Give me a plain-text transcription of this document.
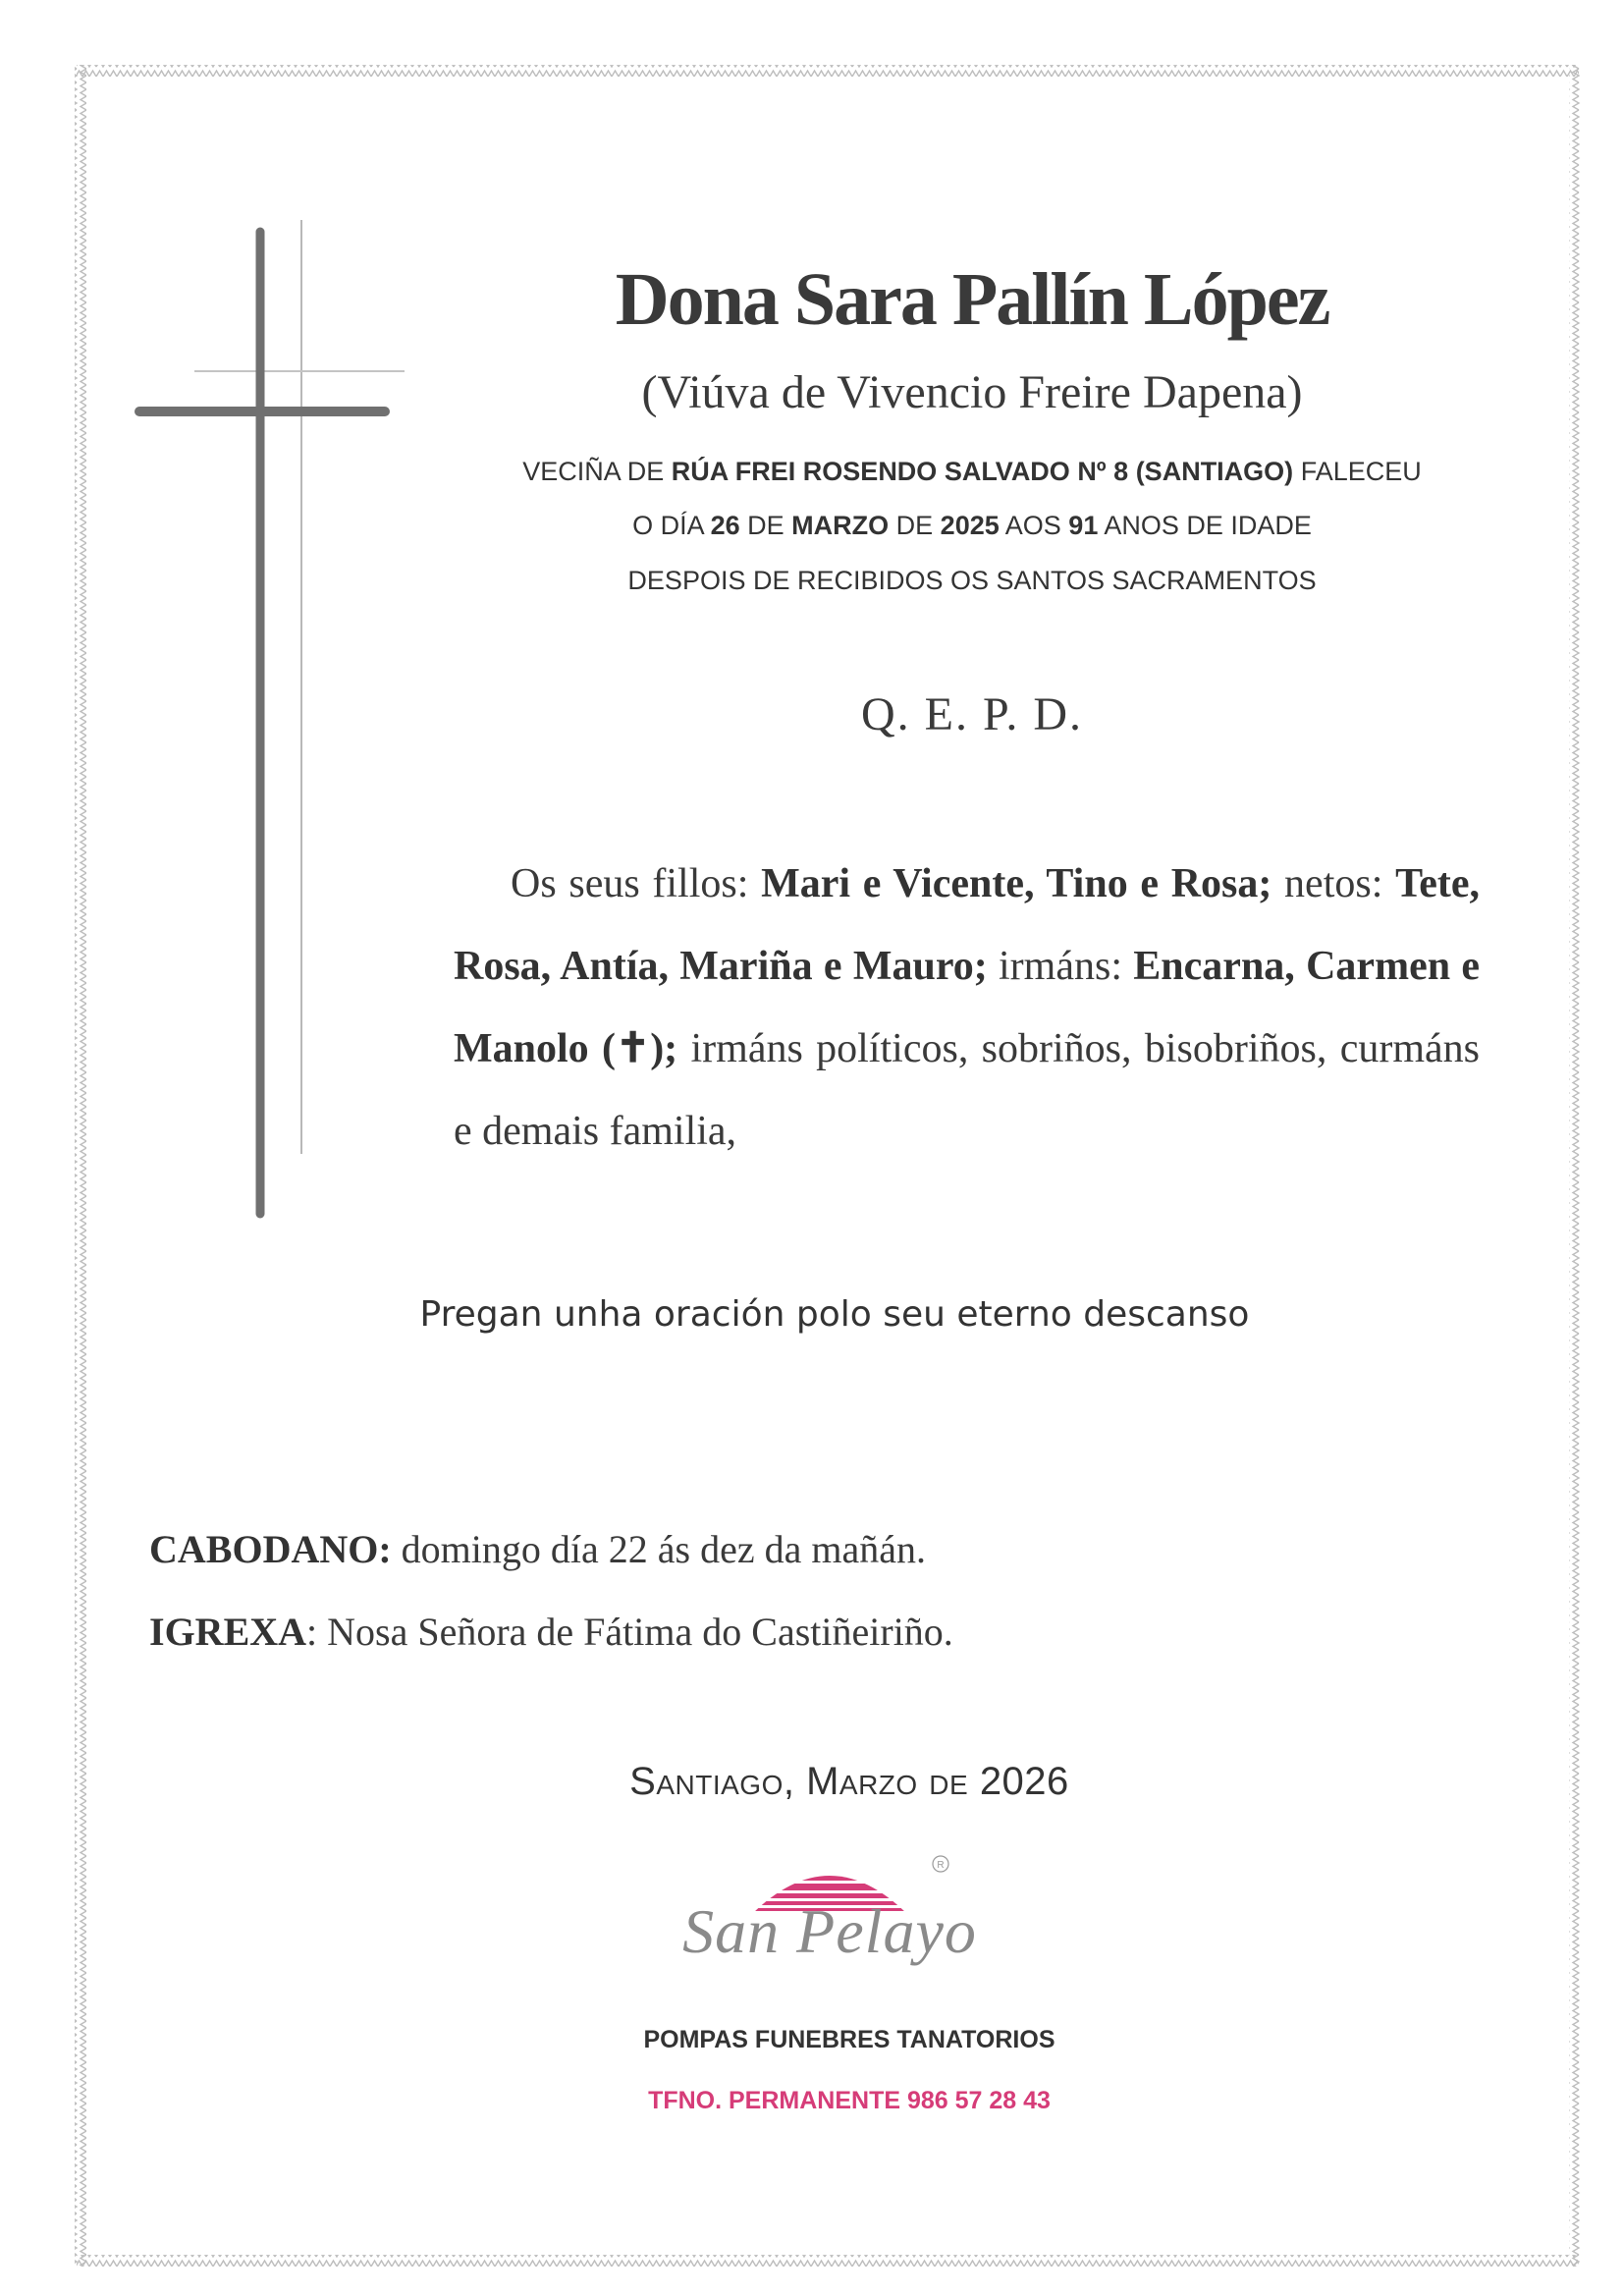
Dona Sara Pallín López
(Viúva de Vivencio Freire Dapena)
VECIÑA DE RÚA FREI ROSENDO SALVADO Nº 8 (SANTIAGO) FALECEU
O DÍA 26 DE MARZO DE 2025 AOS 91 ANOS DE IDADE
DESPOIS DE RECIBIDOS OS SANTOS SACRAMENTOS
Q. E. P. D.
Os seus fillos: Mari e Vicente, Tino e Rosa; netos: Tete, Rosa, Antía, Mariña e Mauro; irmáns: Encarna, Carmen e Manolo (✝); irmáns políticos, sobriños, bisobriños, curmáns e demais familia,
Pregan unha oración polo seu eterno descanso
CABODANO: domingo día 22 ás dez da mañán.
IGREXA: Nosa Señora de Fátima do Castiñeiriño.
Santiago, Marzo de 2026
R
San Pelayo
POMPAS FUNEBRES TANATORIOS
TFNO. PERMANENTE 986 57 28 43
